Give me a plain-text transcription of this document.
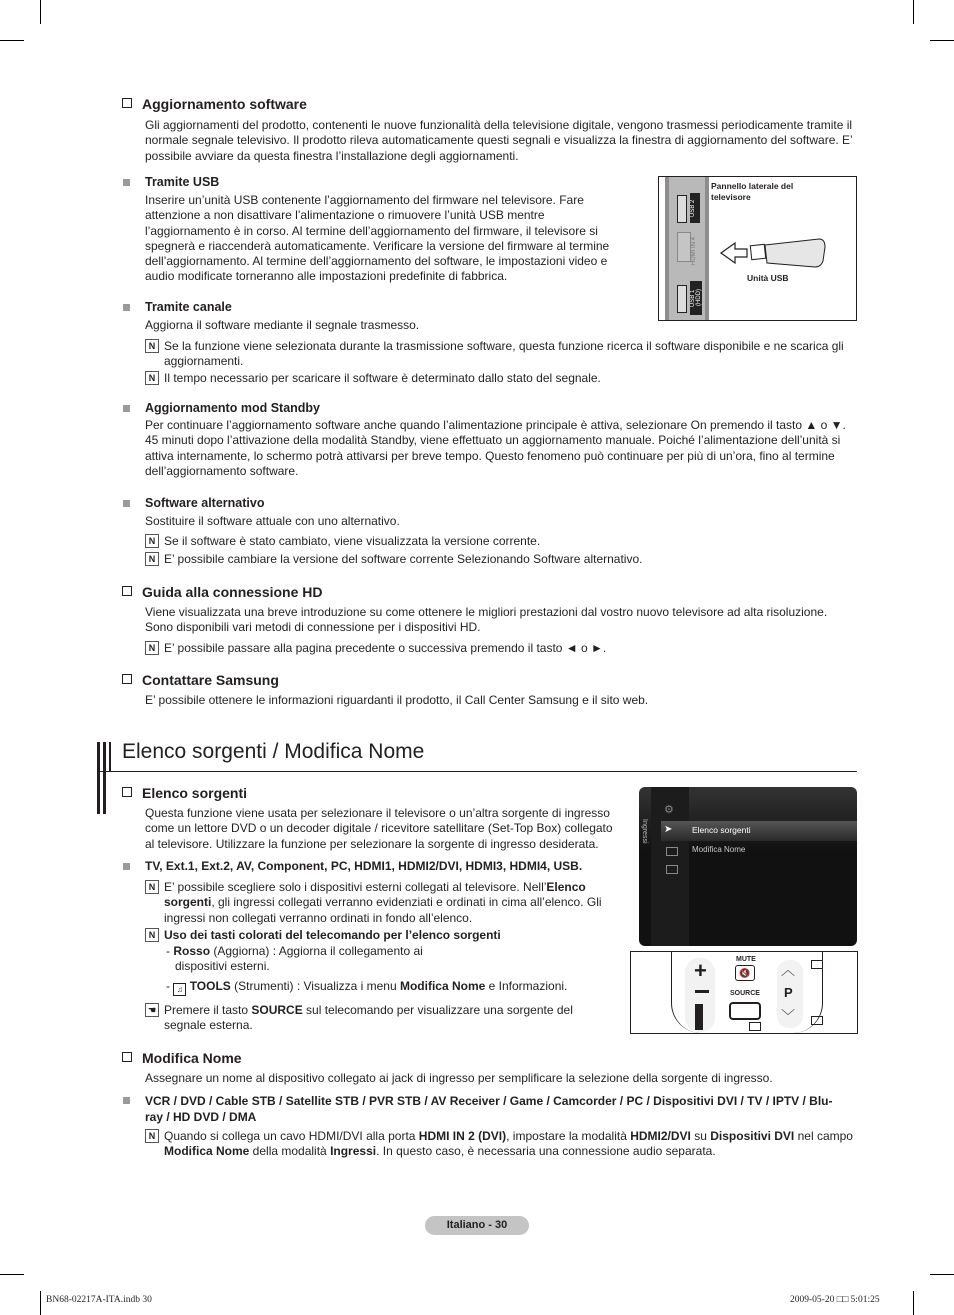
Aggiornamento software
Gli aggiornamenti del prodotto, contenenti le nuove funzionalità della televisione digitale, vengono trasmessi periodicamente tramite il normale segnale televisivo. Il prodotto rileva automaticamente questi segnali e visualizza la finestra di aggiornamento del software. E’ possibile avviare da questa finestra l’installazione degli aggiornamenti.
Tramite USB
Inserire un’unità USB contenente l’aggiornamento del firmware nel televisore. Fare attenzione a non disattivare l’alimentazione o rimuovere l’unità USB mentre l’aggiornamento è in corso. Al termine dell’aggiornamento del firmware, il televisore si spegnerà e riaccenderà automaticamente. Verificare la versione del firmware al termine dell’aggiornamento. Al termine dell’aggiornamento del software, le impostazioni video e audio modificate torneranno alle impostazioni predefinite di fabbrica.
USB 2
HDMI IN 4
USB 1 (HDD)
Pannello laterale del televisore
Unità USB
Tramite canale
Aggiorna il software mediante il segnale trasmesso.
N Se la funzione viene selezionata durante la trasmissione software, questa funzione ricerca il software disponibile e ne scarica gli aggiornamenti.
N Il tempo necessario per scaricare il software è determinato dallo stato del segnale.
Aggiornamento mod Standby
Per continuare l’aggiornamento software anche quando l’alimentazione principale è attiva, selezionare On premendo il tasto ▲ o ▼. 45 minuti dopo l’attivazione della modalità Standby, viene effettuato un aggiornamento manuale. Poiché l’alimentazione dell’unità si attiva internamente, lo schermo potrà attivarsi per breve tempo. Questo fenomeno può continuare per più di un’ora, fino al termine dell’aggiornamento software.
Software alternativo
Sostituire il software attuale con uno alternativo.
N Se il software è stato cambiato, viene visualizzata la versione corrente.
N E’ possibile cambiare la versione del software corrente Selezionando Software alternativo.
Guida alla connessione HD
Viene visualizzata una breve introduzione su come ottenere le migliori prestazioni dal vostro nuovo televisore ad alta risoluzione. Sono disponibili vari metodi di connessione per i dispositivi HD.
N E’ possibile passare alla pagina precedente o successiva premendo il tasto ◄ o ►.
Contattare Samsung
E’ possibile ottenere le informazioni riguardanti il prodotto, il Call Center Samsung e il sito web.
Elenco sorgenti / Modifica Nome
Elenco sorgenti
Questa funzione viene usata per selezionare il televisore o un’altra sorgente di ingresso come un lettore DVD o un decoder digitale / ricevitore satellitare (Set-Top Box) collegato al televisore. Utilizzare la funzione per selezionare la sorgente di ingresso desiderata.
TV, Ext.1, Ext.2, AV, Component, PC, HDMI1, HDMI2/DVI, HDMI3, HDMI4, USB.
N E’ possibile scegliere solo i dispositivi esterni collegati al televisore. Nell’Elenco sorgenti, gli ingressi collegati verranno evidenziati e ordinati in cima all’elenco. Gli ingressi non collegati verranno ordinati in fondo all’elenco.
N Uso dei tasti colorati del telecomando per l’elenco sorgenti
- Rosso (Aggiorna) : Aggiorna il collegamento ai dispositivi esterni.
- ♫ TOOLS (Strumenti) : Visualizza i menu Modifica Nome e Informazioni.
☚ Premere il tasto SOURCE sul telecomando per visualizzare una sorgente del segnale esterna.
Ingressi
⚙
➤ Elenco sorgenti
Modifica Nome
+	MUTE
🔇
SOURCE
︿
P
﹀
Modifica Nome
Assegnare un nome al dispositivo collegato ai jack di ingresso per semplificare la selezione della sorgente di ingresso.
VCR / DVD / Cable STB / Satellite STB / PVR STB / AV Receiver / Game / Camcorder / PC / Dispositivi DVI / TV / IPTV / Blu-ray / HD DVD / DMA
N Quando si collega un cavo HDMI/DVI alla porta HDMI IN 2 (DVI), impostare la modalità HDMI2/DVI su Dispositivi DVI nel campo Modifica Nome della modalità Ingressi. In questo caso, è necessaria una connessione audio separata.
Italiano - 30
BN68-02217A-ITA.indb 30	2009-05-20 □□ 5:01:25
